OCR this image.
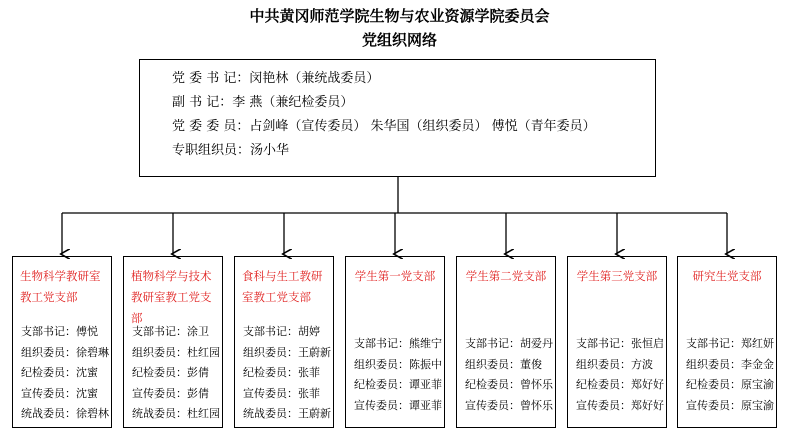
中共黄冈师范学院生物与农业资源学院委员会
党组织网络
党 委 书 记：闵艳林（兼统战委员）
副 书 记：李 燕（兼纪检委员）
党 委 委 员：占剑峰（宣传委员） 朱华国（组织委员） 傅悦（青年委员）
专职组织员：汤小华
生物科学教研室教工党支部
支部书记：傅悦
组织委员：徐碧琳
纪检委员：沈蜜
宣传委员：沈蜜
统战委员：徐碧林
植物科学与技术教研室教工党支部
支部书记：涂卫
组织委员：杜红园
纪检委员：彭倩
宣传委员：彭倩
统战委员：杜红园
食科与生工教研室教工党支部
支部书记：胡婷
组织委员：王蔚新
纪检委员：张菲
宣传委员：张菲
统战委员：王蔚新
学生第一党支部
支部书记：熊维宁
组织委员：陈振中
纪检委员：谭亚菲
宣传委员：谭亚菲
学生第二党支部
支部书记：胡爱丹
组织委员：董俊
纪检委员：曾怀乐
宣传委员：曾怀乐
学生第三党支部
支部书记：张恒启
组织委员：方波
纪检委员：郑好好
宣传委员：郑好好
研究生党支部
支部书记：郑红妍
组织委员：李金金
纪检委员：原宝渝
宣传委员：原宝渝
